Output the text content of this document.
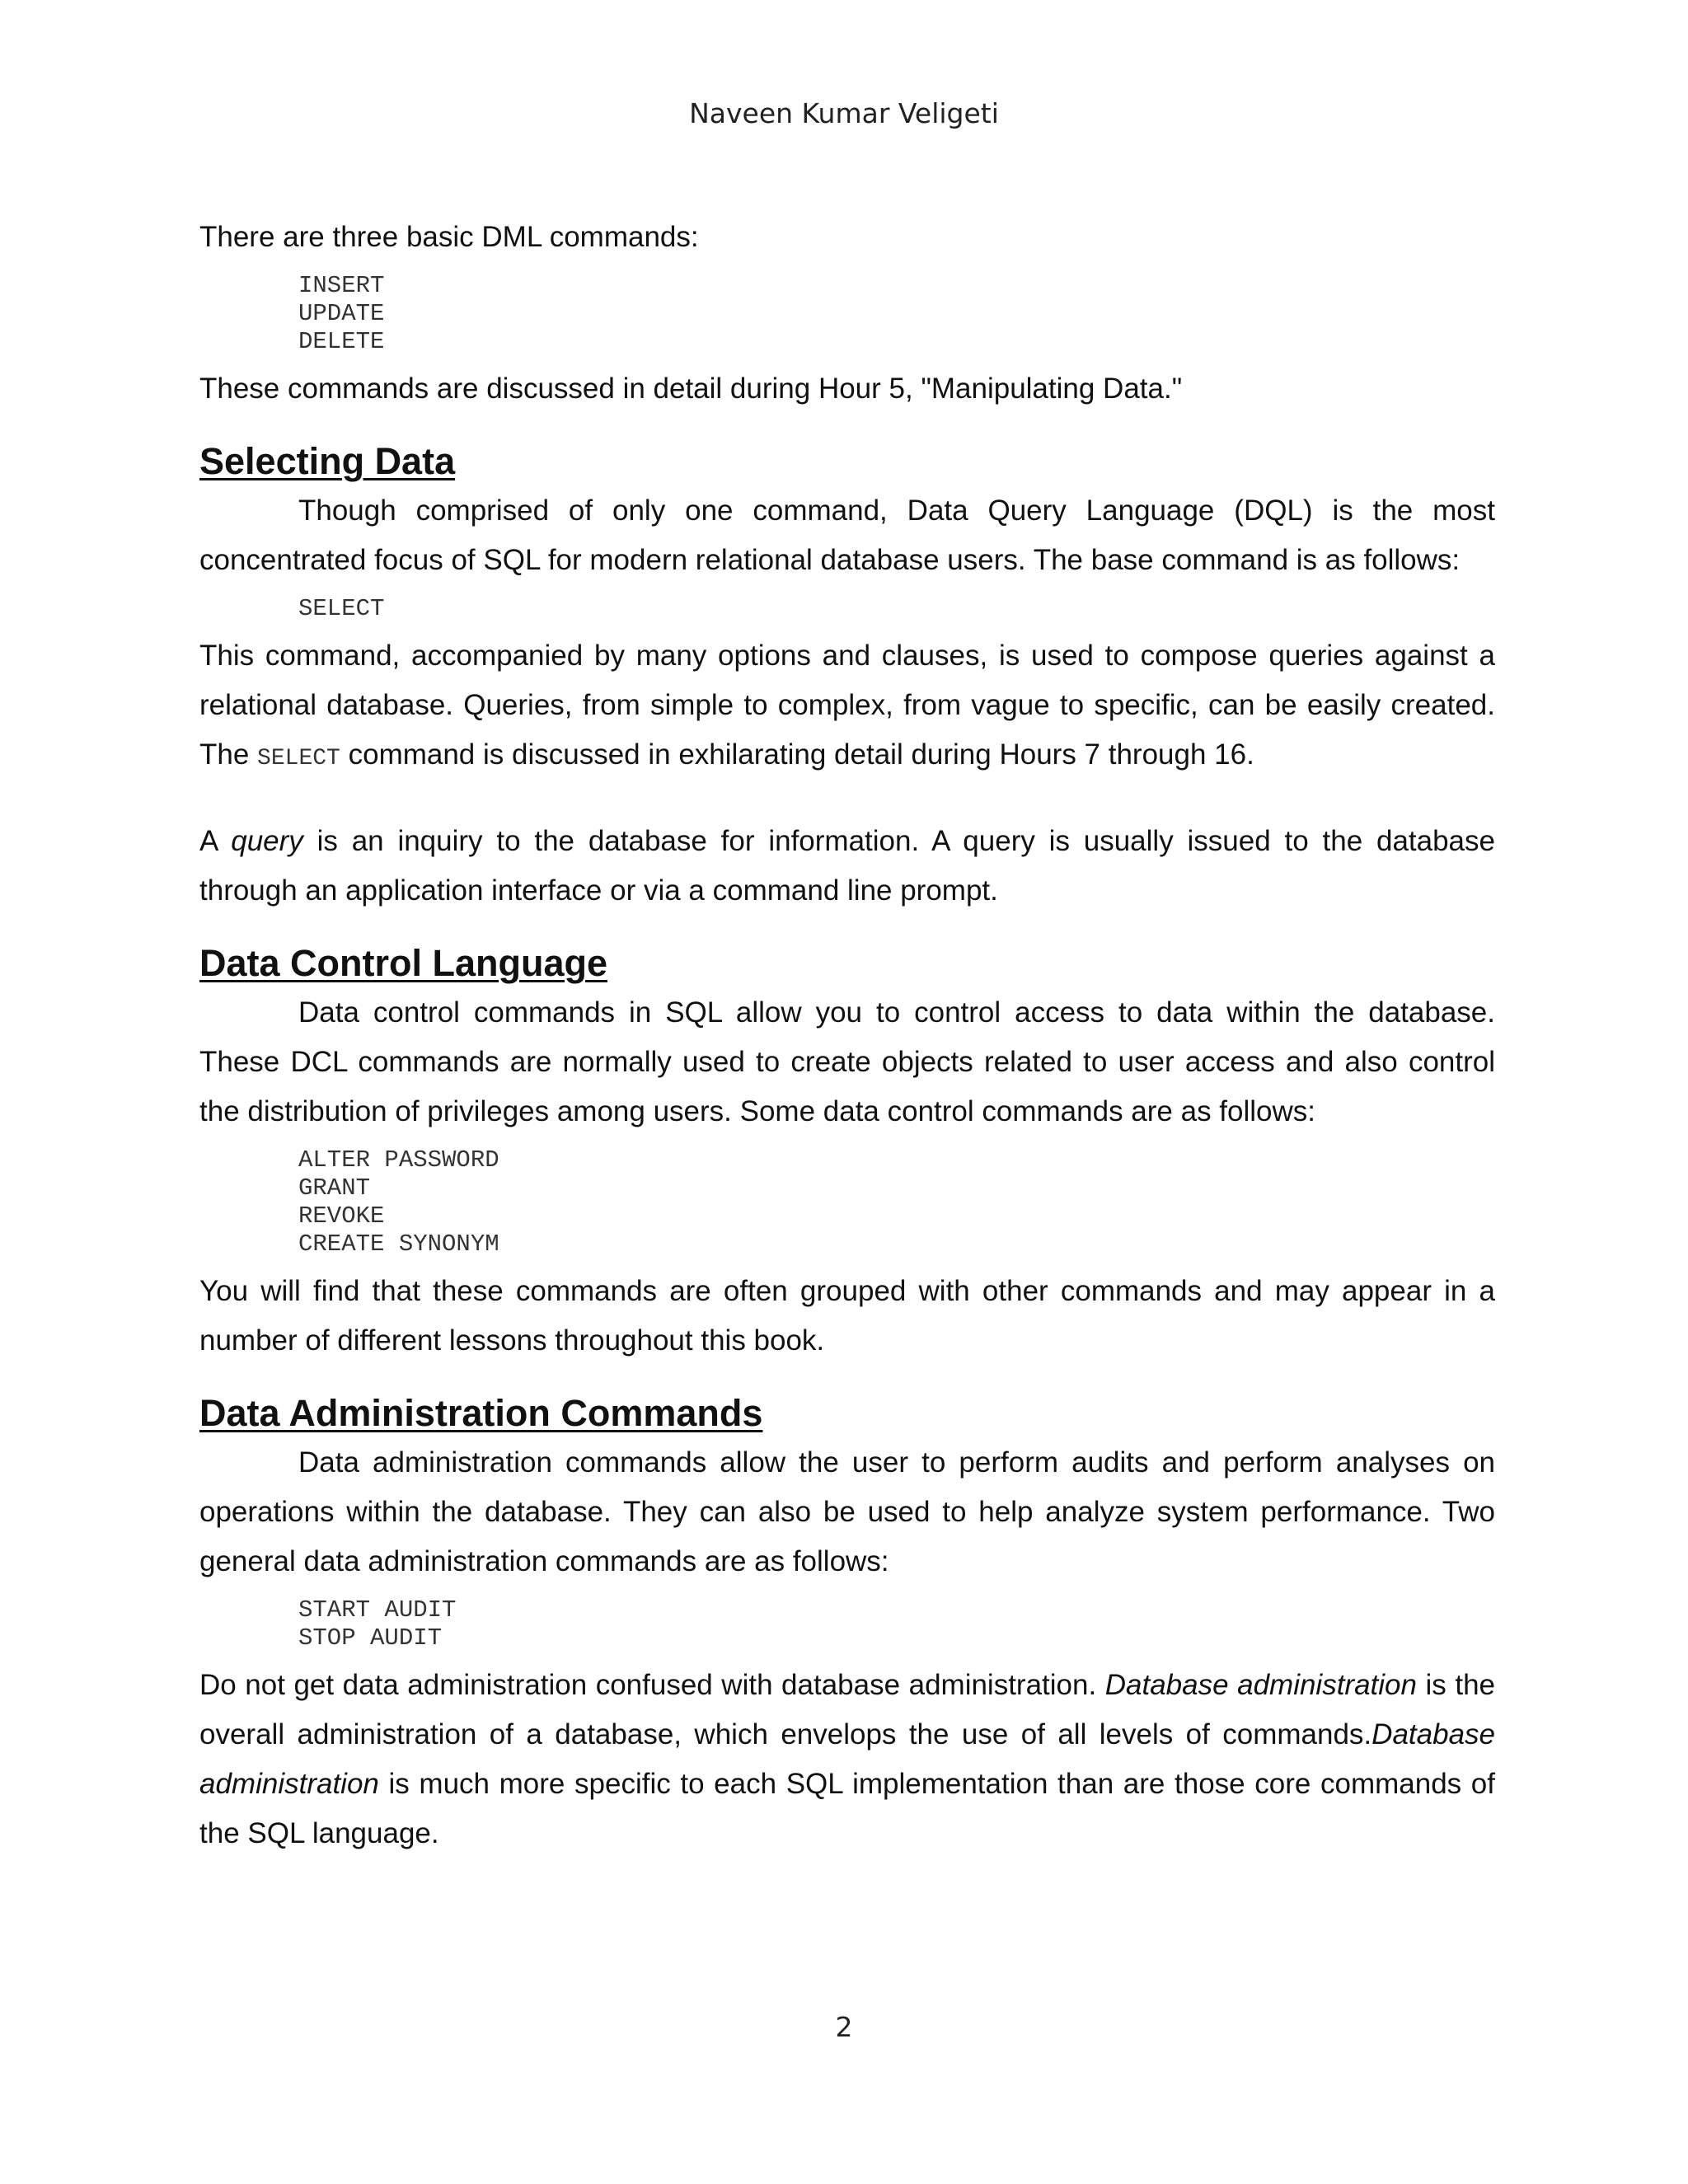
Naveen Kumar Veligeti

There are three basic DML commands:

INSERT
UPDATE
DELETE

These commands are discussed in detail during Hour 5, "Manipulating Data."

Selecting Data

Though comprised of only one command, Data Query Language (DQL) is the most concentrated focus of SQL for modern relational database users. The base command is as follows:

SELECT

This command, accompanied by many options and clauses, is used to compose queries against a relational database. Queries, from simple to complex, from vague to specific, can be easily created. The SELECT command is discussed in exhilarating detail during Hours 7 through 16.

A query is an inquiry to the database for information. A query is usually issued to the database through an application interface or via a command line prompt.

Data Control Language

Data control commands in SQL allow you to control access to data within the database. These DCL commands are normally used to create objects related to user access and also control the distribution of privileges among users. Some data control commands are as follows:

ALTER PASSWORD
GRANT
REVOKE
CREATE SYNONYM

You will find that these commands are often grouped with other commands and may appear in a number of different lessons throughout this book.

Data Administration Commands

Data administration commands allow the user to perform audits and perform analyses on operations within the database. They can also be used to help analyze system performance. Two general data administration commands are as follows:

START AUDIT
STOP AUDIT

Do not get data administration confused with database administration. Database administration is the overall administration of a database, which envelops the use of all levels of commands.Database administration is much more specific to each SQL implementation than are those core commands of the SQL language.

2
